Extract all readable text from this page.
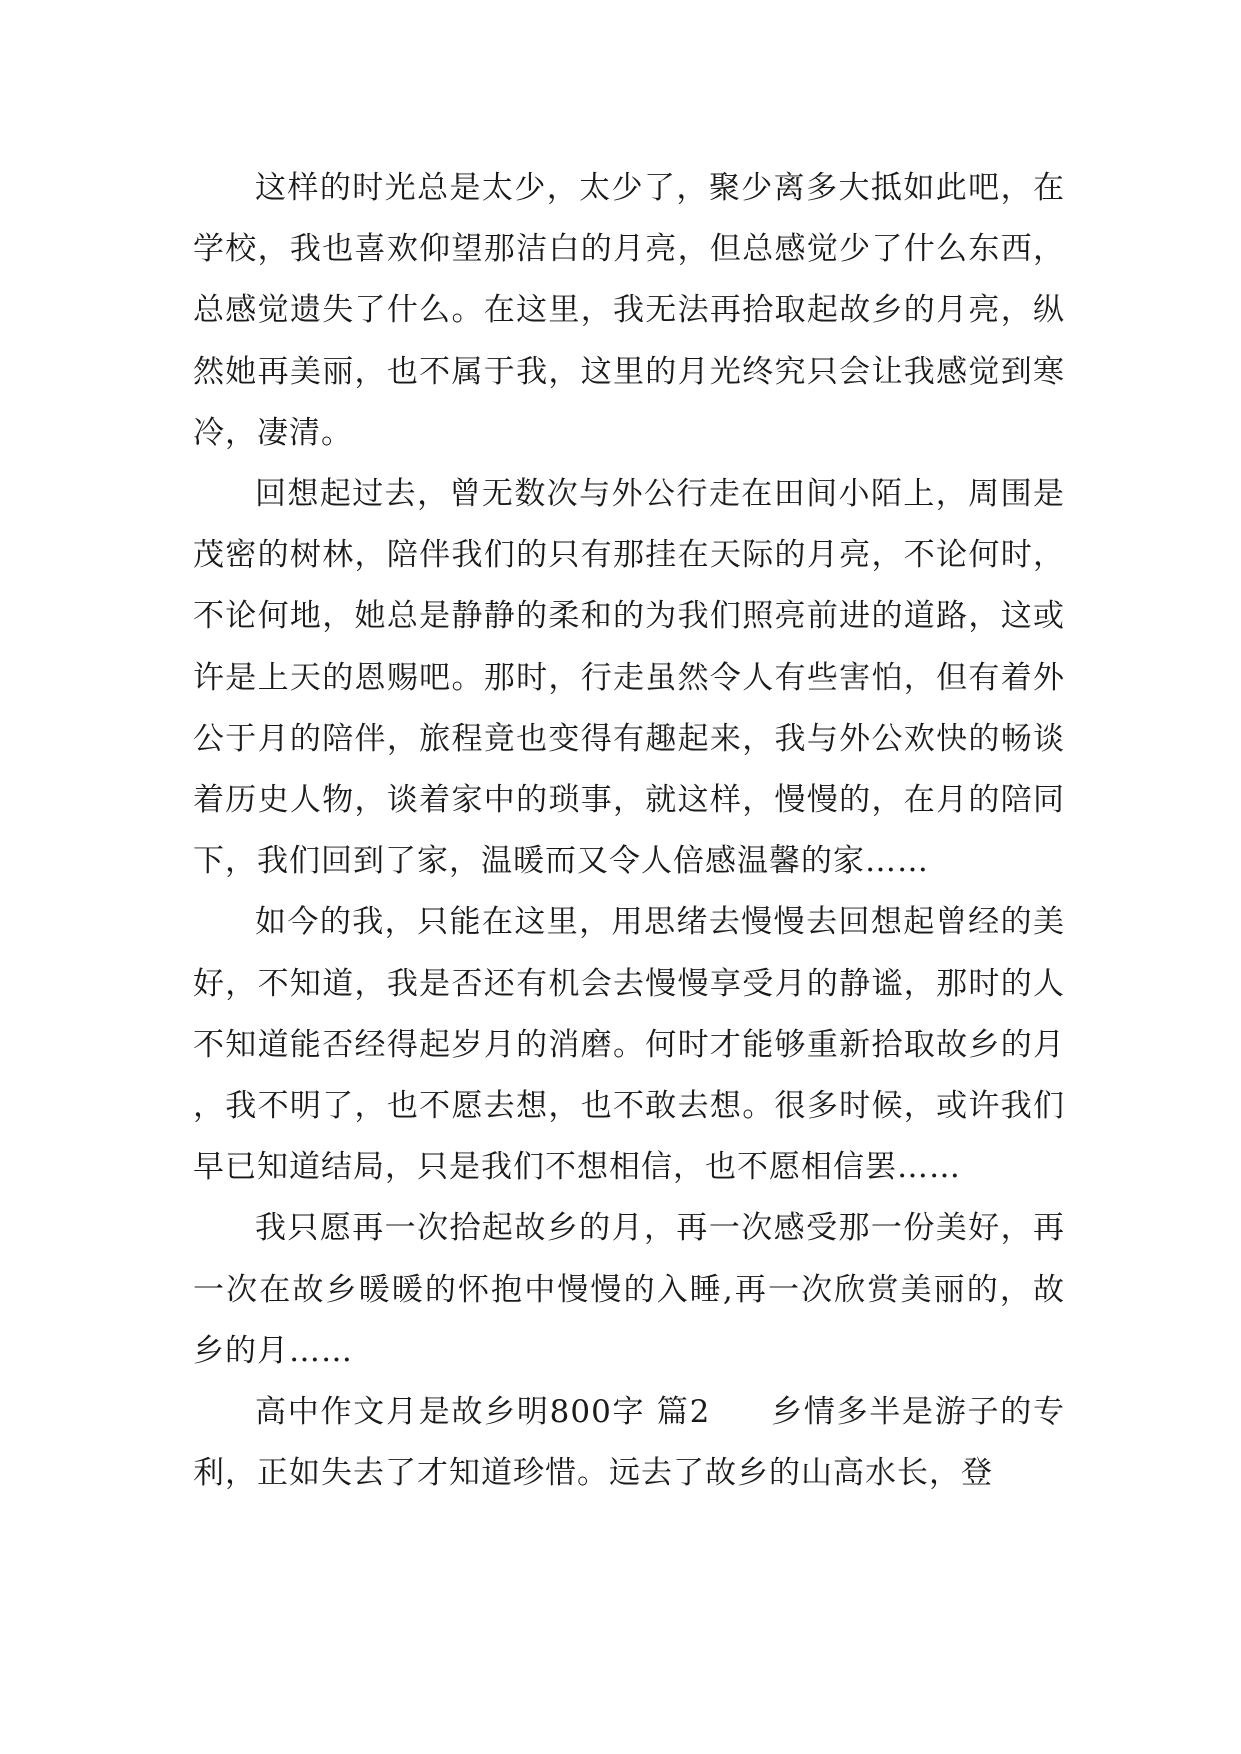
这样的时光总是太少，太少了，聚少离多大抵如此吧，在学校，我也喜欢仰望那洁白的月亮，但总感觉少了什么东西，总感觉遗失了什么。在这里，我无法再拾取起故乡的月亮，纵然她再美丽，也不属于我，这里的月光终究只会让我感觉到寒冷，凄清。

回想起过去，曾无数次与外公行走在田间小陌上，周围是茂密的树林，陪伴我们的只有那挂在天际的月亮，不论何时，不论何地，她总是静静的柔和的为我们照亮前进的道路，这或许是上天的恩赐吧。那时，行走虽然令人有些害怕，但有着外公于月的陪伴，旅程竟也变得有趣起来，我与外公欢快的畅谈着历史人物，谈着家中的琐事，就这样，慢慢的，在月的陪同下，我们回到了家，温暖而又令人倍感温馨的家……

如今的我，只能在这里，用思绪去慢慢去回想起曾经的美好，不知道，我是否还有机会去慢慢享受月的静谧，那时的人不知道能否经得起岁月的消磨。何时才能够重新拾取故乡的月，我不明了，也不愿去想，也不敢去想。很多时候，或许我们早已知道结局，只是我们不想相信，也不愿相信罢……

我只愿再一次拾起故乡的月，再一次感受那一份美好，再一次在故乡暖暖的怀抱中慢慢的入睡,再一次欣赏美丽的，故乡的月……

高中作文月是故乡明800字 篇2 乡情多半是游子的专利，正如失去了才知道珍惜。远去了故乡的山高水长，登
